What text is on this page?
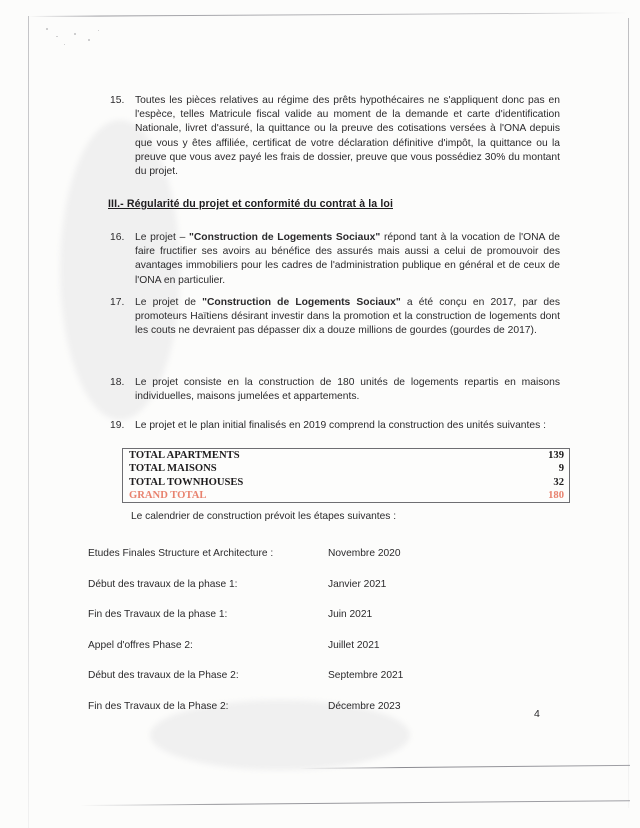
15.	Toutes les pièces relatives au régime des prêts hypothécaires ne s'appliquent donc pas en l'espèce, telles Matricule fiscal valide au moment de la demande et carte d'identification Nationale, livret d'assuré, la quittance ou la preuve des cotisations versées à l'ONA depuis que vous y êtes affiliée, certificat de votre déclaration définitive d'impôt, la quittance ou la preuve que vous avez payé les frais de dossier, preuve que vous possédiez 30% du montant du projet.
III.- Régularité du projet et conformité du contrat à la loi
16.	Le projet – "Construction de Logements Sociaux" répond tant à la vocation de l'ONA de faire fructifier ses avoirs au bénéfice des assurés mais aussi a celui de promouvoir des avantages immobiliers pour les cadres de l'administration publique en général et de ceux de l'ONA en particulier.
17.	Le projet de "Construction de Logements Sociaux" a été conçu en 2017, par des promoteurs Haïtiens désirant investir dans la promotion et la construction de logements dont les couts ne devraient pas dépasser dix a douze millions de gourdes (gourdes de 2017).
18.	Le projet consiste en la construction de 180 unités de logements repartis en maisons individuelles, maisons jumelées et appartements.
19.	Le projet et le plan initial finalisés en 2019 comprend la construction des unités suivantes :
TOTAL APARTMENTS	139
TOTAL MAISONS	9
TOTAL TOWNHOUSES	32
GRAND TOTAL	180
Le calendrier de construction prévoit les étapes suivantes :
Etudes Finales Structure et Architecture :	Novembre 2020
Début des travaux de la phase 1:	Janvier 2021
Fin des Travaux de la phase 1:	Juin 2021
Appel d'offres Phase 2:	Juillet 2021
Début des travaux de la Phase 2:	Septembre 2021
Fin des Travaux de la Phase 2:	Décembre 2023
4
